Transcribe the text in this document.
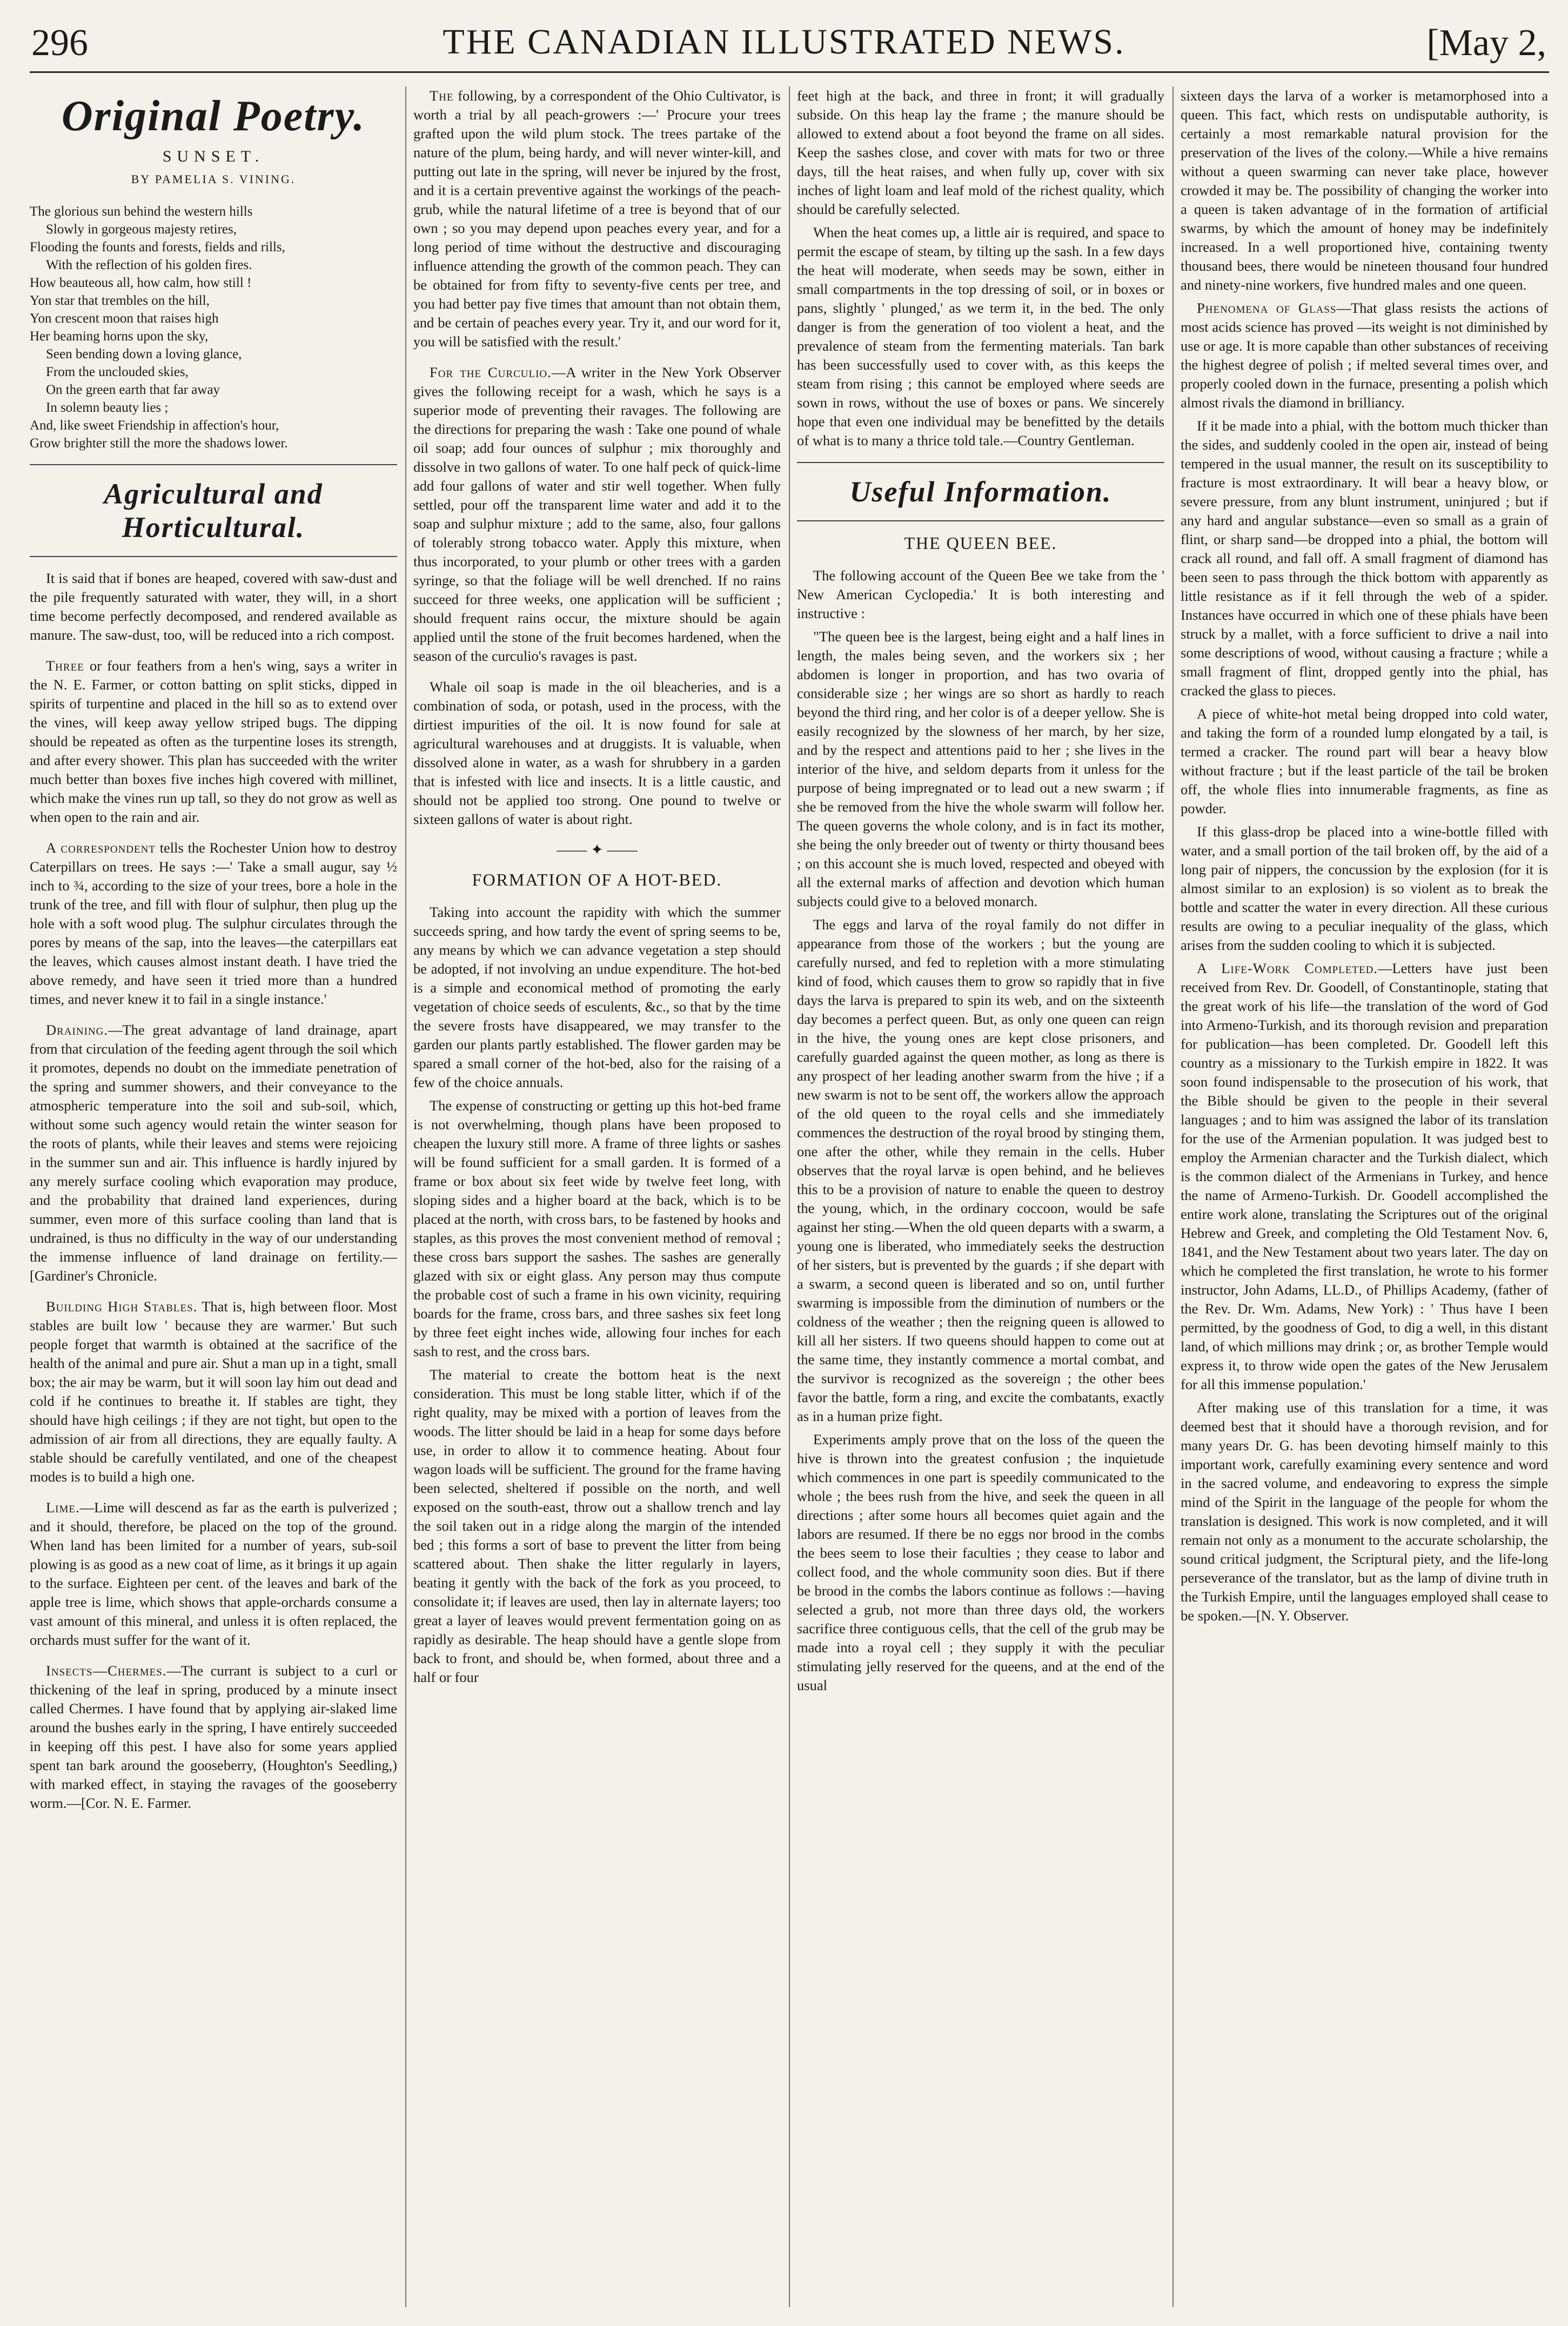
296	THE CANADIAN ILLUSTRATED NEWS.	[May 2,
Original Poetry.
SUNSET.
BY PAMELIA S. VINING.
The glorious sun behind the western hills
Slowly in gorgeous majesty retires,
Flooding the founts and forests, fields and rills,
With the reflection of his golden fires.
How beauteous all, how calm, how still !
Yon star that trembles on the hill,
Yon crescent moon that raises high
Her beaming horns upon the sky,
Seen bending down a loving glance,
From the unclouded skies,
On the green earth that far away
In solemn beauty lies ;
And, like sweet Friendship in affection's hour,
Grow brighter still the more the shadows lower.
Agricultural and Horticultural.

It is said that if bones are heaped, covered with saw-dust and the pile frequently saturated with water, they will, in a short time become perfectly decomposed, and rendered available as manure. The saw-dust, too, will be reduced into a rich compost.

Three or four feathers from a hen's wing, says a writer in the N. E. Farmer, or cotton batting on split sticks, dipped in spirits of turpentine and placed in the hill so as to extend over the vines, will keep away yellow striped bugs. The dipping should be repeated as often as the turpentine loses its strength, and after every shower. This plan has succeeded with the writer much better than boxes five inches high covered with millinet, which make the vines run up tall, so they do not grow as well as when open to the rain and air.

A correspondent tells the Rochester Union how to destroy Caterpillars on trees. He says :—' Take a small augur, say ½ inch to ¾, according to the size of your trees, bore a hole in the trunk of the tree, and fill with flour of sulphur, then plug up the hole with a soft wood plug. The sulphur circulates through the pores by means of the sap, into the leaves—the caterpillars eat the leaves, which causes almost instant death. I have tried the above remedy, and have seen it tried more than a hundred times, and never knew it to fail in a single instance.'

Draining.—The great advantage of land drainage, apart from that circulation of the feeding agent through the soil which it promotes, depends no doubt on the immediate penetration of the spring and summer showers, and their conveyance to the atmospheric temperature into the soil and sub-soil, which, without some such agency would retain the winter season for the roots of plants, while their leaves and stems were rejoicing in the summer sun and air. This influence is hardly injured by any merely surface cooling which evaporation may produce, and the probability that drained land experiences, during summer, even more of this surface cooling than land that is undrained, is thus no difficulty in the way of our understanding the immense influence of land drainage on fertility.—[Gardiner's Chronicle.

Building High Stables. That is, high between floor. Most stables are built low ' because they are warmer.' But such people forget that warmth is obtained at the sacrifice of the health of the animal and pure air. Shut a man up in a tight, small box; the air may be warm, but it will soon lay him out dead and cold if he continues to breathe it. If stables are tight, they should have high ceilings ; if they are not tight, but open to the admission of air from all directions, they are equally faulty. A stable should be carefully ventilated, and one of the cheapest modes is to build a high one.

Lime.—Lime will descend as far as the earth is pulverized ; and it should, therefore, be placed on the top of the ground. When land has been limited for a number of years, sub-soil plowing is as good as a new coat of lime, as it brings it up again to the surface. Eighteen per cent. of the leaves and bark of the apple tree is lime, which shows that apple-orchards consume a vast amount of this mineral, and unless it is often replaced, the orchards must suffer for the want of it.

Insects—Chermes.—The currant is subject to a curl or thickening of the leaf in spring, produced by a minute insect called Chermes. I have found that by applying air-slaked lime around the bushes early in the spring, I have entirely succeeded in keeping off this pest. I have also for some years applied spent tan bark around the gooseberry, (Houghton's Seedling,) with marked effect, in staying the ravages of the gooseberry worm.—[Cor. N. E. Farmer.

The following, by a correspondent of the Ohio Cultivator, is worth a trial by all peach-growers :—' Procure your trees grafted upon the wild plum stock. The trees partake of the nature of the plum, being hardy, and will never winter-kill, and putting out late in the spring, will never be injured by the frost, and it is a certain preventive against the workings of the peach-grub, while the natural lifetime of a tree is beyond that of our own ; so you may depend upon peaches every year, and for a long period of time without the destructive and discouraging influence attending the growth of the common peach. They can be obtained for from fifty to seventy-five cents per tree, and you had better pay five times that amount than not obtain them, and be certain of peaches every year. Try it, and our word for it, you will be satisfied with the result.'

For the Curculio.—A writer in the New York Observer gives the following receipt for a wash, which he says is a superior mode of preventing their ravages. The following are the directions for preparing the wash : Take one pound of whale oil soap; add four ounces of sulphur ; mix thoroughly and dissolve in two gallons of water. To one half peck of quick-lime add four gallons of water and stir well together. When fully settled, pour off the transparent lime water and add it to the soap and sulphur mixture ; add to the same, also, four gallons of tolerably strong tobacco water. Apply this mixture, when thus incorporated, to your plumb or other trees with a garden syringe, so that the foliage will be well drenched. If no rains succeed for three weeks, one application will be sufficient ; should frequent rains occur, the mixture should be again applied until the stone of the fruit becomes hardened, when the season of the curculio's ravages is past.

Whale oil soap is made in the oil bleacheries, and is a combination of soda, or potash, used in the process, with the dirtiest impurities of the oil. It is now found for sale at agricultural warehouses and at druggists. It is valuable, when dissolved alone in water, as a wash for shrubbery in a garden that is infested with lice and insects. It is a little caustic, and should not be applied too strong. One pound to twelve or sixteen gallons of water is about right.

―― ✦ ――
FORMATION OF A HOT-BED.

Taking into account the rapidity with which the summer succeeds spring, and how tardy the event of spring seems to be, any means by which we can advance vegetation a step should be adopted, if not involving an undue expenditure. The hot-bed is a simple and economical method of promoting the early vegetation of choice seeds of esculents, &c., so that by the time the severe frosts have disappeared, we may transfer to the garden our plants partly established. The flower garden may be spared a small corner of the hot-bed, also for the raising of a few of the choice annuals.

The expense of constructing or getting up this hot-bed frame is not overwhelming, though plans have been proposed to cheapen the luxury still more. A frame of three lights or sashes will be found sufficient for a small garden. It is formed of a frame or box about six feet wide by twelve feet long, with sloping sides and a higher board at the back, which is to be placed at the north, with cross bars, to be fastened by hooks and staples, as this proves the most convenient method of removal ; these cross bars support the sashes. The sashes are generally glazed with six or eight glass. Any person may thus compute the probable cost of such a frame in his own vicinity, requiring boards for the frame, cross bars, and three sashes six feet long by three feet eight inches wide, allowing four inches for each sash to rest, and the cross bars.

The material to create the bottom heat is the next consideration. This must be long stable litter, which if of the right quality, may be mixed with a portion of leaves from the woods. The litter should be laid in a heap for some days before use, in order to allow it to commence heating. About four wagon loads will be sufficient. The ground for the frame having been selected, sheltered if possible on the north, and well exposed on the south-east, throw out a shallow trench and lay the soil taken out in a ridge along the margin of the intended bed ; this forms a sort of base to prevent the litter from being scattered about. Then shake the litter regularly in layers, beating it gently with the back of the fork as you proceed, to consolidate it; if leaves are used, then lay in alternate layers; too great a layer of leaves would prevent fermentation going on as rapidly as desirable. The heap should have a gentle slope from back to front, and should be, when formed, about three and a half or four

feet high at the back, and three in front; it will gradually subside. On this heap lay the frame ; the manure should be allowed to extend about a foot beyond the frame on all sides. Keep the sashes close, and cover with mats for two or three days, till the heat raises, and when fully up, cover with six inches of light loam and leaf mold of the richest quality, which should be carefully selected.

When the heat comes up, a little air is required, and space to permit the escape of steam, by tilting up the sash. In a few days the heat will moderate, when seeds may be sown, either in small compartments in the top dressing of soil, or in boxes or pans, slightly ' plunged,' as we term it, in the bed. The only danger is from the generation of too violent a heat, and the prevalence of steam from the fermenting materials. Tan bark has been successfully used to cover with, as this keeps the steam from rising ; this cannot be employed where seeds are sown in rows, without the use of boxes or pans. We sincerely hope that even one individual may be benefitted by the details of what is to many a thrice told tale.—Country Gentleman.

Useful Information.
THE QUEEN BEE.

The following account of the Queen Bee we take from the ' New American Cyclopedia.' It is both interesting and instructive :

"The queen bee is the largest, being eight and a half lines in length, the males being seven, and the workers six ; her abdomen is longer in proportion, and has two ovaria of considerable size ; her wings are so short as hardly to reach beyond the third ring, and her color is of a deeper yellow. She is easily recognized by the slowness of her march, by her size, and by the respect and attentions paid to her ; she lives in the interior of the hive, and seldom departs from it unless for the purpose of being impregnated or to lead out a new swarm ; if she be removed from the hive the whole swarm will follow her. The queen governs the whole colony, and is in fact its mother, she being the only breeder out of twenty or thirty thousand bees ; on this account she is much loved, respected and obeyed with all the external marks of affection and devotion which human subjects could give to a beloved monarch.

The eggs and larva of the royal family do not differ in appearance from those of the workers ; but the young are carefully nursed, and fed to repletion with a more stimulating kind of food, which causes them to grow so rapidly that in five days the larva is prepared to spin its web, and on the sixteenth day becomes a perfect queen. But, as only one queen can reign in the hive, the young ones are kept close prisoners, and carefully guarded against the queen mother, as long as there is any prospect of her leading another swarm from the hive ; if a new swarm is not to be sent off, the workers allow the approach of the old queen to the royal cells and she immediately commences the destruction of the royal brood by stinging them, one after the other, while they remain in the cells. Huber observes that the royal larvæ is open behind, and he believes this to be a provision of nature to enable the queen to destroy the young, which, in the ordinary coccoon, would be safe against her sting.—When the old queen departs with a swarm, a young one is liberated, who immediately seeks the destruction of her sisters, but is prevented by the guards ; if she depart with a swarm, a second queen is liberated and so on, until further swarming is impossible from the diminution of numbers or the coldness of the weather ; then the reigning queen is allowed to kill all her sisters. If two queens should happen to come out at the same time, they instantly commence a mortal combat, and the survivor is recognized as the sovereign ; the other bees favor the battle, form a ring, and excite the combatants, exactly as in a human prize fight.

Experiments amply prove that on the loss of the queen the hive is thrown into the greatest confusion ; the inquietude which commences in one part is speedily communicated to the whole ; the bees rush from the hive, and seek the queen in all directions ; after some hours all becomes quiet again and the labors are resumed. If there be no eggs nor brood in the combs the bees seem to lose their faculties ; they cease to labor and collect food, and the whole community soon dies. But if there be brood in the combs the labors continue as follows :—having selected a grub, not more than three days old, the workers sacrifice three contiguous cells, that the cell of the grub may be made into a royal cell ; they supply it with the peculiar stimulating jelly reserved for the queens, and at the end of the usual

sixteen days the larva of a worker is metamorphosed into a queen. This fact, which rests on undisputable authority, is certainly a most remarkable natural provision for the preservation of the lives of the colony.—While a hive remains without a queen swarming can never take place, however crowded it may be. The possibility of changing the worker into a queen is taken advantage of in the formation of artificial swarms, by which the amount of honey may be indefinitely increased. In a well proportioned hive, containing twenty thousand bees, there would be nineteen thousand four hundred and ninety-nine workers, five hundred males and one queen.

Phenomena of Glass—That glass resists the actions of most acids science has proved —its weight is not diminished by use or age. It is more capable than other substances of receiving the highest degree of polish ; if melted several times over, and properly cooled down in the furnace, presenting a polish which almost rivals the diamond in brilliancy.

If it be made into a phial, with the bottom much thicker than the sides, and suddenly cooled in the open air, instead of being tempered in the usual manner, the result on its susceptibility to fracture is most extraordinary. It will bear a heavy blow, or severe pressure, from any blunt instrument, uninjured ; but if any hard and angular substance—even so small as a grain of flint, or sharp sand—be dropped into a phial, the bottom will crack all round, and fall off. A small fragment of diamond has been seen to pass through the thick bottom with apparently as little resistance as if it fell through the web of a spider. Instances have occurred in which one of these phials have been struck by a mallet, with a force sufficient to drive a nail into some descriptions of wood, without causing a fracture ; while a small fragment of flint, dropped gently into the phial, has cracked the glass to pieces.

A piece of white-hot metal being dropped into cold water, and taking the form of a rounded lump elongated by a tail, is termed a cracker. The round part will bear a heavy blow without fracture ; but if the least particle of the tail be broken off, the whole flies into innumerable fragments, as fine as powder.

If this glass-drop be placed into a wine-bottle filled with water, and a small portion of the tail broken off, by the aid of a long pair of nippers, the concussion by the explosion (for it is almost similar to an explosion) is so violent as to break the bottle and scatter the water in every direction. All these curious results are owing to a peculiar inequality of the glass, which arises from the sudden cooling to which it is subjected.

A Life-Work Completed.—Letters have just been received from Rev. Dr. Goodell, of Constantinople, stating that the great work of his life—the translation of the word of God into Armeno-Turkish, and its thorough revision and preparation for publication—has been completed. Dr. Goodell left this country as a missionary to the Turkish empire in 1822. It was soon found indispensable to the prosecution of his work, that the Bible should be given to the people in their several languages ; and to him was assigned the labor of its translation for the use of the Armenian population. It was judged best to employ the Armenian character and the Turkish dialect, which is the common dialect of the Armenians in Turkey, and hence the name of Armeno-Turkish. Dr. Goodell accomplished the entire work alone, translating the Scriptures out of the original Hebrew and Greek, and completing the Old Testament Nov. 6, 1841, and the New Testament about two years later. The day on which he completed the first translation, he wrote to his former instructor, John Adams, LL.D., of Phillips Academy, (father of the Rev. Dr. Wm. Adams, New York) : ' Thus have I been permitted, by the goodness of God, to dig a well, in this distant land, of which millions may drink ; or, as brother Temple would express it, to throw wide open the gates of the New Jerusalem for all this immense population.'

After making use of this translation for a time, it was deemed best that it should have a thorough revision, and for many years Dr. G. has been devoting himself mainly to this important work, carefully examining every sentence and word in the sacred volume, and endeavoring to express the simple mind of the Spirit in the language of the people for whom the translation is designed. This work is now completed, and it will remain not only as a monument to the accurate scholarship, the sound critical judgment, the Scriptural piety, and the life-long perseverance of the translator, but as the lamp of divine truth in the Turkish Empire, until the languages employed shall cease to be spoken.—[N. Y. Observer.
